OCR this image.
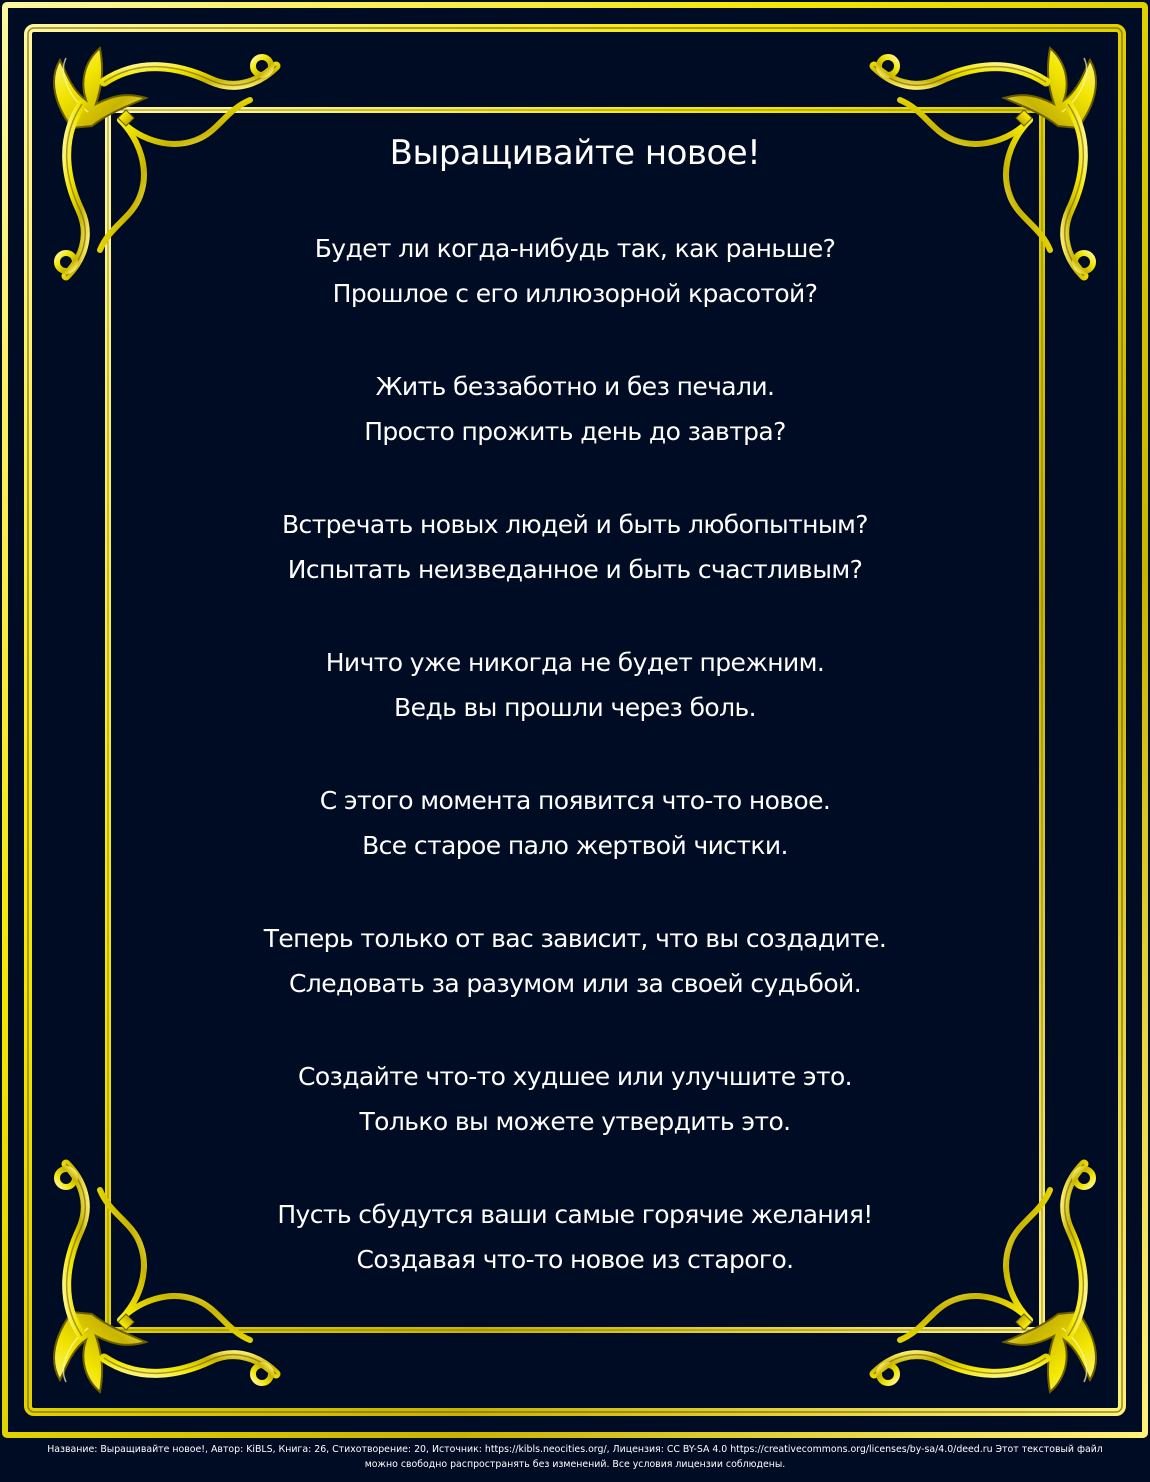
Выращивайте новое!
Будет ли когда-нибудь так, как раньше?
Прошлое с его иллюзорной красотой?
Жить беззаботно и без печали.
Просто прожить день до завтра?
Встречать новых людей и быть любопытным?
Испытать неизведанное и быть счастливым?
Ничто уже никогда не будет прежним.
Ведь вы прошли через боль.
С этого момента появится что-то новое.
Все старое пало жертвой чистки.
Теперь только от вас зависит, что вы создадите.
Следовать за разумом или за своей судьбой.
Создайте что-то худшее или улучшите это.
Только вы можете утвердить это.
Пусть сбудутся ваши самые горячие желания!
Создавая что-то новое из старого.
Название: Выращивайте новое!, Автор: KiBLS, Книга: 26, Стихотворение: 20, Источник: https://kibls.neocities.org/, Лицензия: CC BY-SA 4.0 https://creativecommons.org/licenses/by-sa/4.0/deed.ru Этот текстовый файл
можно свободно распространять без изменений. Все условия лицензии соблюдены.
